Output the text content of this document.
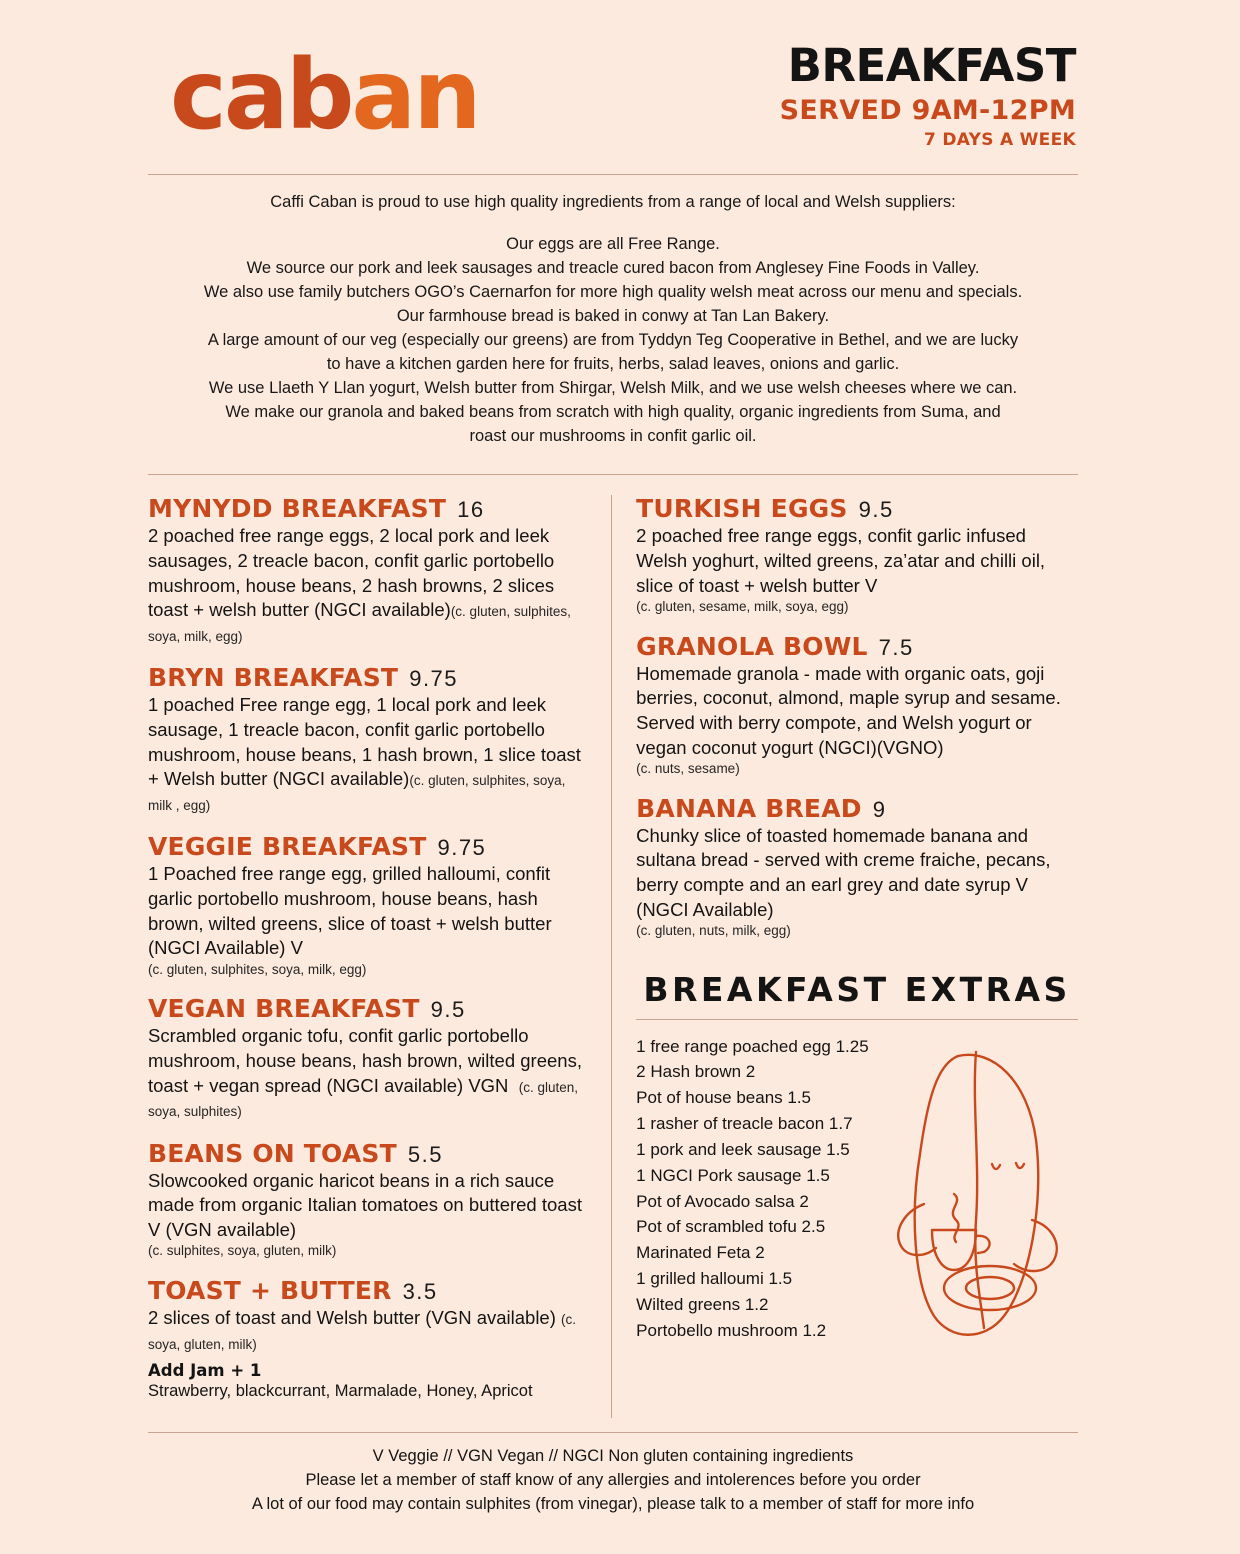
caban	BREAKFAST
SERVED 9AM-12PM
7 DAYS A WEEK

Caffi Caban is proud to use high quality ingredients from a range of local and Welsh suppliers:

Our eggs are all Free Range.

We source our pork and leek sausages and treacle cured bacon from Anglesey Fine Foods in Valley.

We also use family butchers OGO’s Caernarfon for more high quality welsh meat across our menu and specials.

Our farmhouse bread is baked in conwy at Tan Lan Bakery.

A large amount of our veg (especially our greens) are from Tyddyn Teg Cooperative in Bethel, and we are lucky

to have a kitchen garden here for fruits, herbs, salad leaves, onions and garlic.

We use Llaeth Y Llan yogurt, Welsh butter from Shirgar, Welsh Milk, and we use welsh cheeses where we can.

We make our granola and baked beans from scratch with high quality, organic ingredients from Suma, and

roast our mushrooms in confit garlic oil.

MYNYDD BREAKFAST 16
2 poached free range eggs, 2 local pork and leek sausages, 2 treacle bacon, confit garlic portobello mushroom, house beans, 2 hash browns, 2 slices toast + welsh butter (NGCI available)(c. gluten, sulphites, soya, milk, egg)
BRYN BREAKFAST 9.75
1 poached Free range egg, 1 local pork and leek sausage, 1 treacle bacon, confit garlic portobello mushroom, house beans, 1 hash brown, 1 slice toast + Welsh butter (NGCI available)(c. gluten, sulphites, soya, milk , egg)
VEGGIE BREAKFAST 9.75
1 Poached free range egg, grilled halloumi, confit garlic portobello mushroom, house beans, hash brown, wilted greens, slice of toast + welsh butter (NGCI Available) V
(c. gluten, sulphites, soya, milk, egg)
VEGAN BREAKFAST 9.5
Scrambled organic tofu, confit garlic portobello mushroom, house beans, hash brown, wilted greens, toast + vegan spread (NGCI available) VGN (c. gluten, soya, sulphites)
BEANS ON TOAST 5.5
Slowcooked organic haricot beans in a rich sauce made from organic Italian tomatoes on buttered toast V (VGN available)
(c. sulphites, soya, gluten, milk)
TOAST + BUTTER 3.5
2 slices of toast and Welsh butter (VGN available) (c. soya, gluten, milk)
Add Jam + 1
Strawberry, blackcurrant, Marmalade, Honey, Apricot
TURKISH EGGS 9.5
2 poached free range eggs, confit garlic infused Welsh yoghurt, wilted greens, za’atar and chilli oil, slice of toast + welsh butter V
(c. gluten, sesame, milk, soya, egg)
GRANOLA BOWL 7.5
Homemade granola - made with organic oats, goji berries, coconut, almond, maple syrup and sesame. Served with berry compote, and Welsh yogurt or vegan coconut yogurt (NGCI)(VGNO)
(c. nuts, sesame)
BANANA BREAD 9
Chunky slice of toasted homemade banana and sultana bread - served with creme fraiche, pecans, berry compte and an earl grey and date syrup V (NGCI Available)
(c. gluten, nuts, milk, egg)
BREAKFAST EXTRAS
1 free range poached egg 1.25
2 Hash brown 2
Pot of house beans 1.5
1 rasher of treacle bacon 1.7
1 pork and leek sausage 1.5
1 NGCI Pork sausage 1.5
Pot of Avocado salsa 2
Pot of scrambled tofu 2.5
Marinated Feta 2
1 grilled halloumi 1.5
Wilted greens 1.2
Portobello mushroom 1.2
V Veggie // VGN Vegan // NGCI Non gluten containing ingredients
Please let a member of staff know of any allergies and intolerences before you order
A lot of our food may contain sulphites (from vinegar), please talk to a member of staff for more info
